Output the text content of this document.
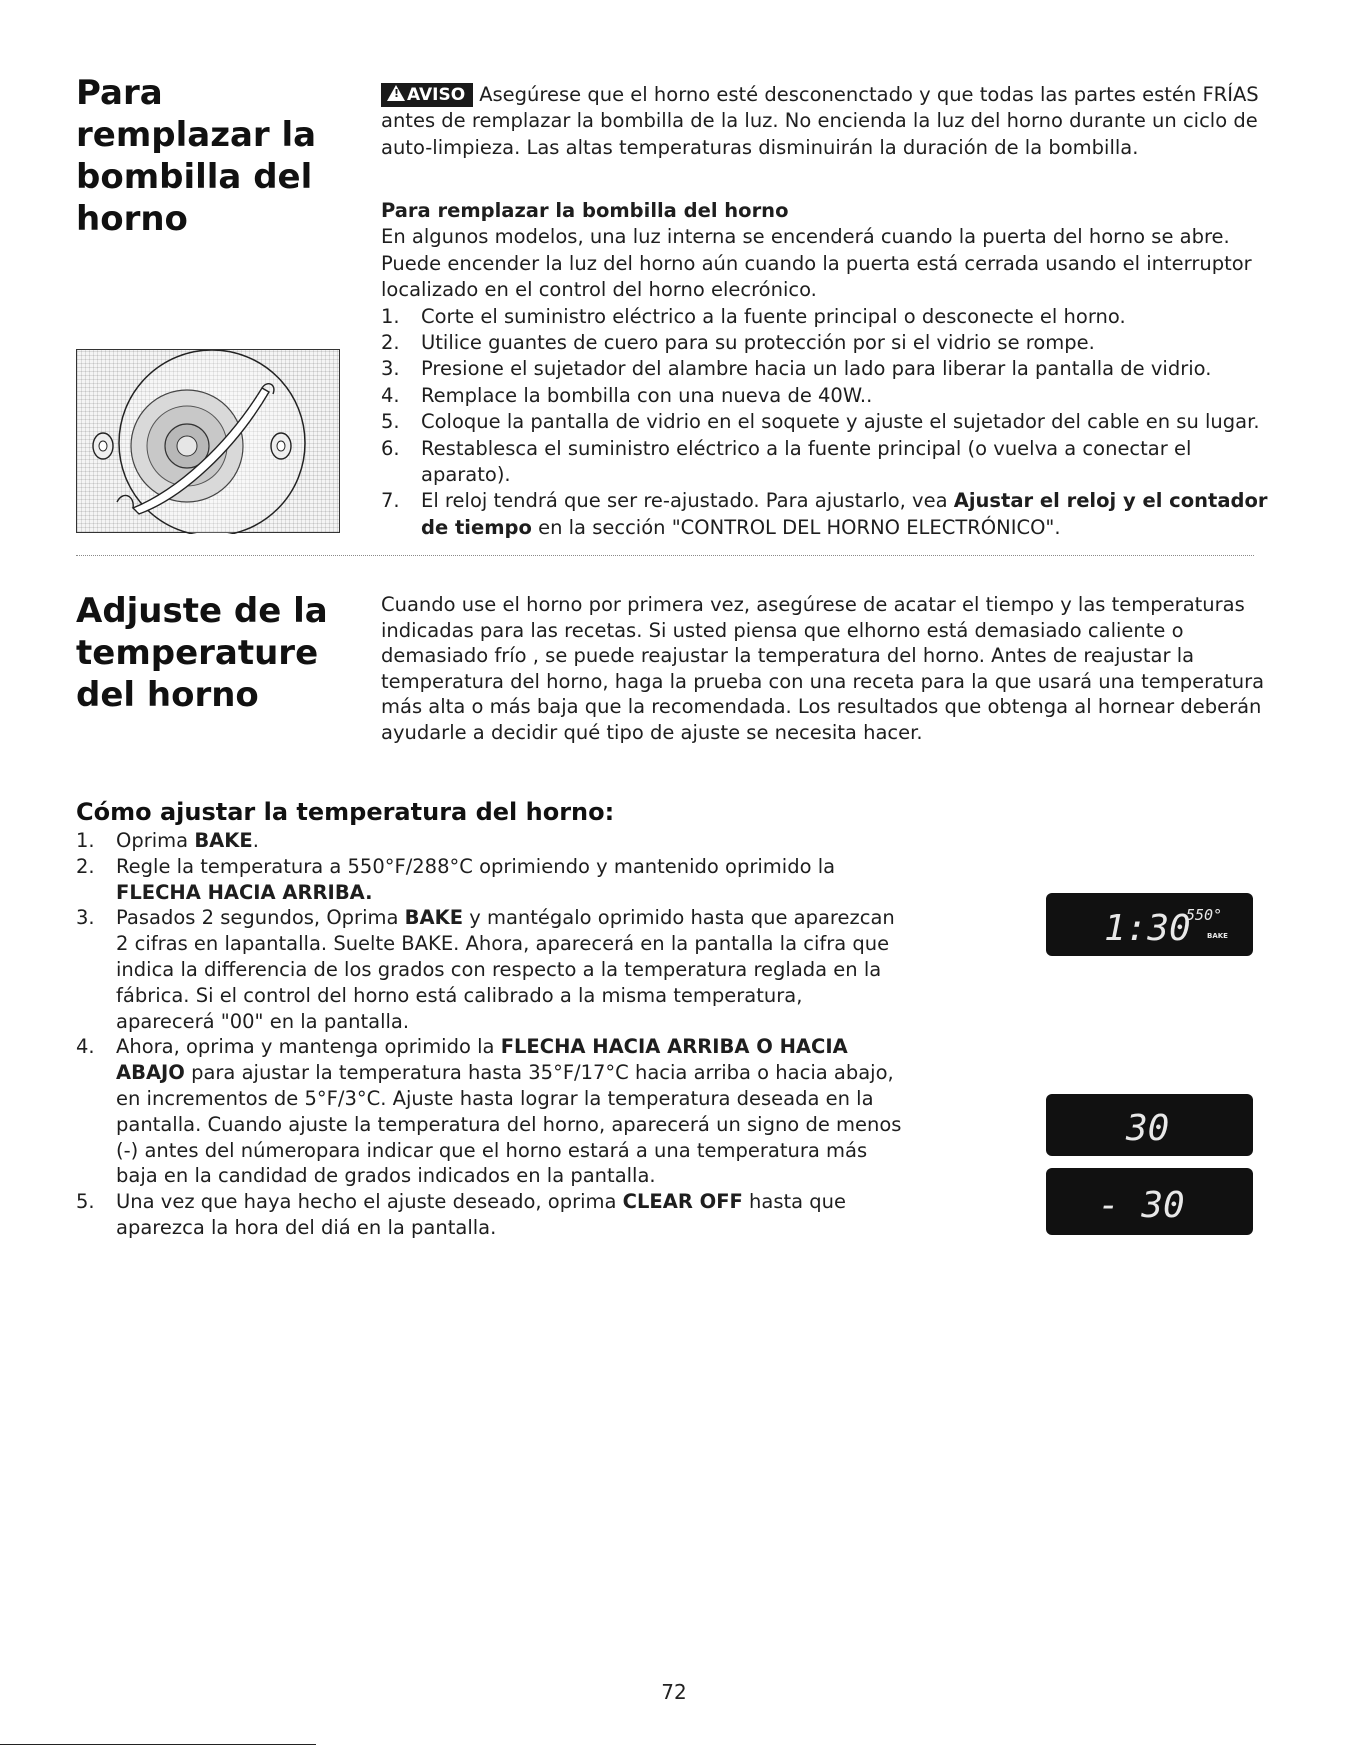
Para remplazar la bombilla del horno
! AVISO Asegúrese que el horno esté desconenctado y que todas las partes estén FRÍAS antes de remplazar la bombilla de la luz. No encienda la luz del horno durante un ciclo de auto-limpieza. Las altas temperaturas disminuirán la duración de la bombilla.

Para remplazar la bombilla del horno

En algunos modelos, una luz interna se encenderá cuando la puerta del horno se abre. Puede encender la luz del horno aún cuando la puerta está cerrada usando el interruptor localizado en el control del horno elecrónico.

1. Corte el suministro eléctrico a la fuente principal o desconecte el horno.
2. Utilice guantes de cuero para su protección por si el vidrio se rompe.
3. Presione el sujetador del alambre hacia un lado para liberar la pantalla de vidrio.
4. Remplace la bombilla con una nueva de 40W..
5. Coloque la pantalla de vidrio en el soquete y ajuste el sujetador del cable en su lugar.
6. Restablesca el suministro eléctrico a la fuente principal (o vuelva a conectar el aparato).
7. El reloj tendrá que ser re-ajustado. Para ajustarlo, vea Ajustar el reloj y el contador de tiempo en la sección "CONTROL DEL HORNO ELECTRÓNICO".
Adjuste de la temperature del horno

Cuando use el horno por primera vez, asegúrese de acatar el tiempo y las temperaturas indicadas para las recetas. Si usted piensa que elhorno está demasiado caliente o demasiado frío , se puede reajustar la temperatura del horno. Antes de reajustar la temperatura del horno, haga la prueba con una receta para la que usará una temperatura más alta o más baja que la recomendada. Los resultados que obtenga al hornear deberán ayudarle a decidir qué tipo de ajuste se necesita hacer.

Cómo ajustar la temperatura del horno:
1. Oprima BAKE.
2. Regle la temperatura a 550°F/288°C oprimiendo y mantenido oprimido la FLECHA HACIA ARRIBA.
3. Pasados 2 segundos, Oprima BAKE y mantégalo oprimido hasta que aparezcan 2 cifras en lapantalla. Suelte BAKE. Ahora, aparecerá en la pantalla la cifra que indica la differencia de los grados con respecto a la temperatura reglada en la fábrica. Si el control del horno está calibrado a la misma temperatura, aparecerá "00" en la pantalla.
4. Ahora, oprima y mantenga oprimido la FLECHA HACIA ARRIBA O HACIA ABAJO para ajustar la temperatura hasta 35°F/17°C hacia arriba o hacia abajo, en incrementos de 5°F/3°C. Ajuste hasta lograr la temperatura deseada en la pantalla. Cuando ajuste la temperatura del horno, aparecerá un signo de menos (-) antes del númeropara indicar que el horno estará a una temperatura más baja en la candidad de grados indicados en la pantalla.
5. Una vez que haya hecho el ajuste deseado, oprima CLEAR OFF hasta que aparezca la hora del diá en la pantalla.
1:30
550°
BAKE
30
- 30
72
